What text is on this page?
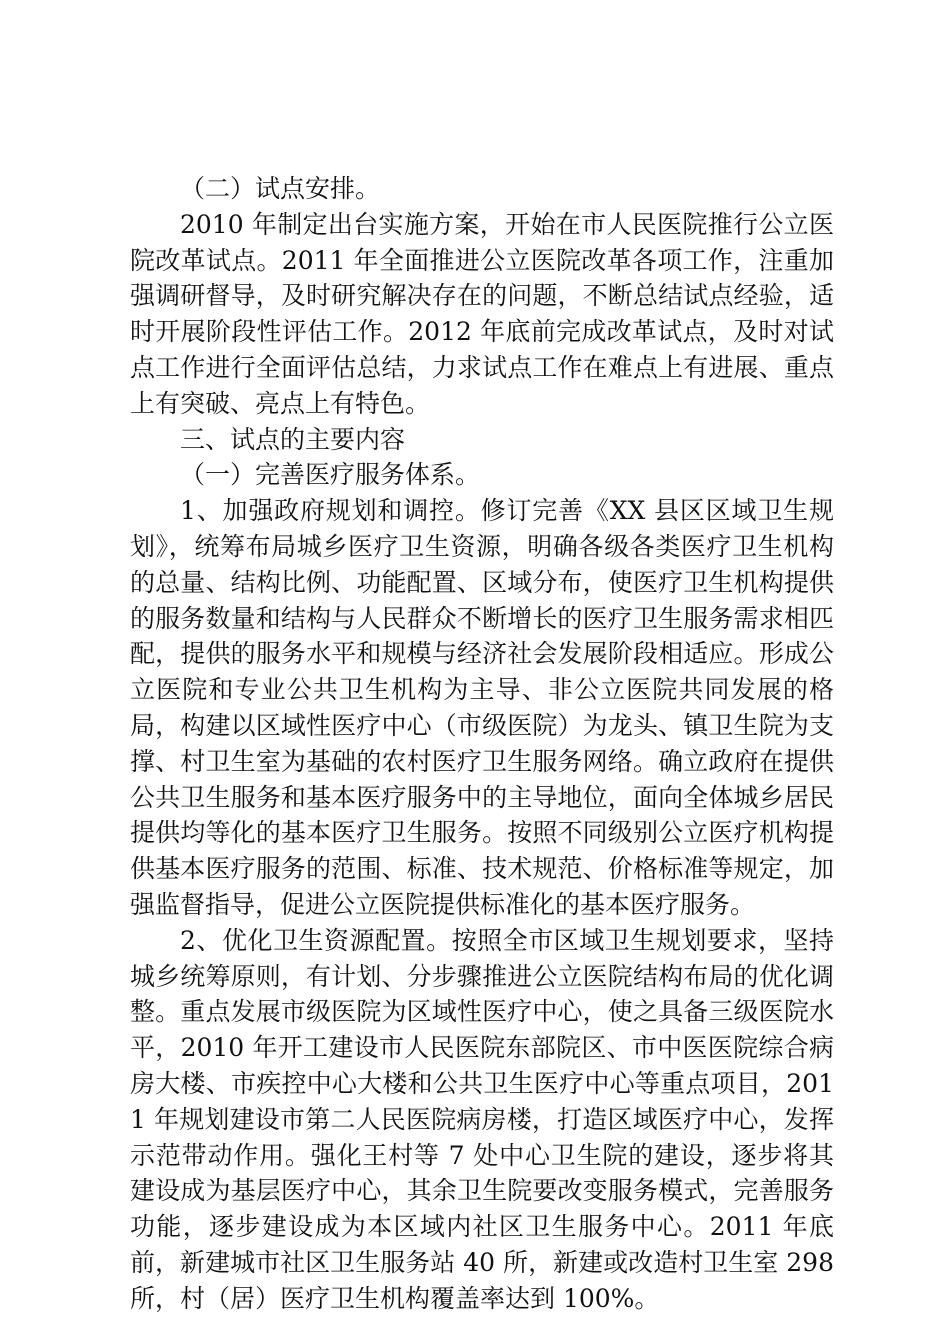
（二）试点安排。

2010 年制定出台实施方案，开始在市人民医院推行公立医院改革试点。2011 年全面推进公立医院改革各项工作，注重加强调研督导，及时研究解决存在的问题，不断总结试点经验，适时开展阶段性评估工作。2012 年底前完成改革试点，及时对试点工作进行全面评估总结，力求试点工作在难点上有进展、重点上有突破、亮点上有特色。

三、试点的主要内容

（一）完善医疗服务体系。

1、加强政府规划和调控。修订完善《XX 县区区域卫生规划》，统筹布局城乡医疗卫生资源，明确各级各类医疗卫生机构的总量、结构比例、功能配置、区域分布，使医疗卫生机构提供的服务数量和结构与人民群众不断增长的医疗卫生服务需求相匹配，提供的服务水平和规模与经济社会发展阶段相适应。形成公立医院和专业公共卫生机构为主导、非公立医院共同发展的格局，构建以区域性医疗中心（市级医院）为龙头、镇卫生院为支撑、村卫生室为基础的农村医疗卫生服务网络。确立政府在提供公共卫生服务和基本医疗服务中的主导地位，面向全体城乡居民提供均等化的基本医疗卫生服务。按照不同级别公立医疗机构提供基本医疗服务的范围、标准、技术规范、价格标准等规定，加强监督指导，促进公立医院提供标准化的基本医疗服务。

2、优化卫生资源配置。按照全市区域卫生规划要求，坚持城乡统筹原则，有计划、分步骤推进公立医院结构布局的优化调整。重点发展市级医院为区域性医疗中心，使之具备三级医院水平，2010 年开工建设市人民医院东部院区、市中医医院综合病房大楼、市疾控中心大楼和公共卫生医疗中心等重点项目，2011 年规划建设市第二人民医院病房楼，打造区域医疗中心，发挥示范带动作用。强化王村等 7 处中心卫生院的建设，逐步将其建设成为基层医疗中心，其余卫生院要改变服务模式，完善服务功能，逐步建设成为本区域内社区卫生服务中心。2011 年底前，新建城市社区卫生服务站 40 所，新建或改造村卫生室 298 所，村（居）医疗卫生机构覆盖率达到 100%。
